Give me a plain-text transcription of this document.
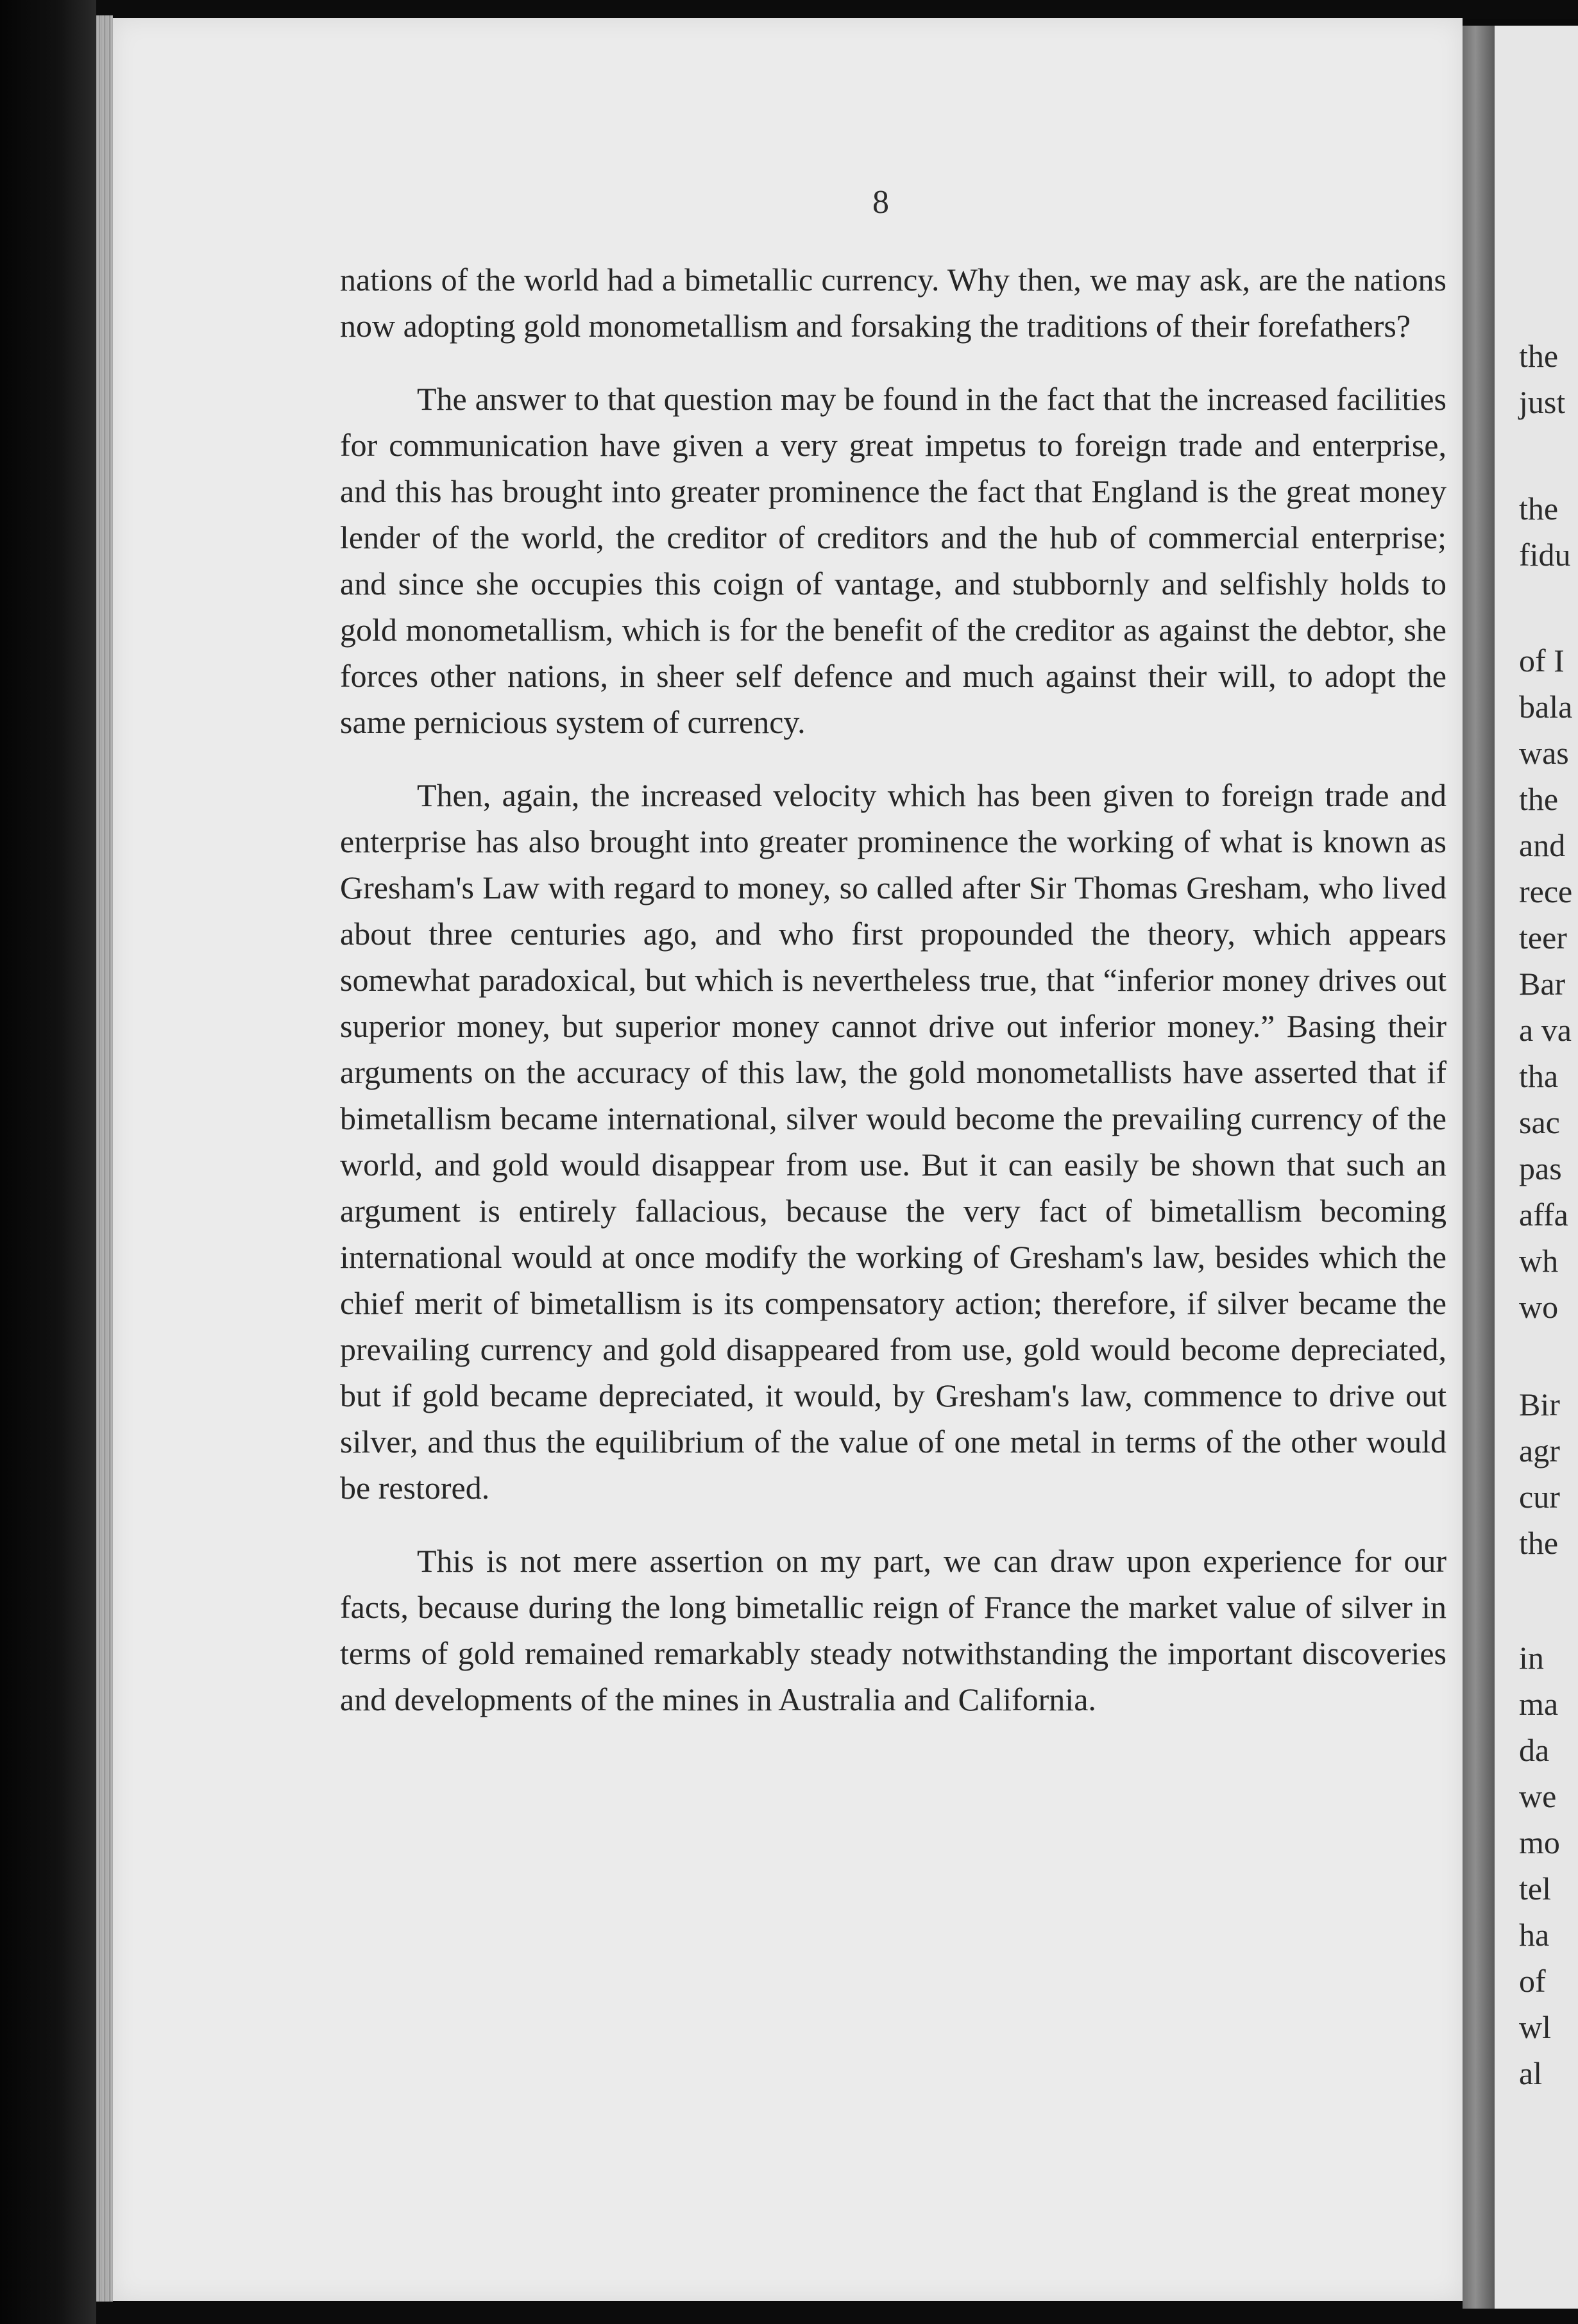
8

nations of the world had a bimetallic currency. Why then, we may ask, are the nations now adopting gold monometallism and forsaking the traditions of their forefathers?

The answer to that question may be found in the fact that the increased facilities for communication have given a very great impetus to foreign trade and enterprise, and this has brought into greater prominence the fact that England is the great money lender of the world, the creditor of creditors and the hub of commercial enterprise; and since she occupies this coign of vantage, and stubbornly and selfishly holds to gold monometallism, which is for the benefit of the creditor as against the debtor, she forces other nations, in sheer self defence and much against their will, to adopt the same pernicious system of currency.

Then, again, the increased velocity which has been given to foreign trade and enterprise has also brought into greater prominence the working of what is known as Gresham's Law with regard to money, so called after Sir Thomas Gresham, who lived about three centuries ago, and who first propounded the theory, which appears somewhat paradoxical, but which is nevertheless true, that “inferior money drives out superior money, but superior money cannot drive out inferior money.” Basing their arguments on the accuracy of this law, the gold monometallists have asserted that if bimetallism became international, silver would become the prevailing currency of the world, and gold would disappear from use. But it can easily be shown that such an argument is entirely fallacious, because the very fact of bimetallism becoming international would at once modify the working of Gresham's law, besides which the chief merit of bimetallism is its compensatory action; therefore, if silver became the prevailing currency and gold disappeared from use, gold would become depreciated, but if gold became depreciated, it would, by Gresham's law, commence to drive out silver, and thus the equilibrium of the value of one metal in terms of the other would be restored.

This is not mere assertion on my part, we can draw upon experience for our facts, because during the long bimetallic reign of France the market value of silver in terms of gold remained remarkably steady notwithstanding the important discoveries and developments of the mines in Australia and California.

the
just
the
fidu
of I
bala
was
the
and
rece
teer
Bar
a va
tha
sac
pas
affa
wh
wo
Bir
agr
cur
the
in
ma
da
we
mo
tel
ha
of
wl
al
